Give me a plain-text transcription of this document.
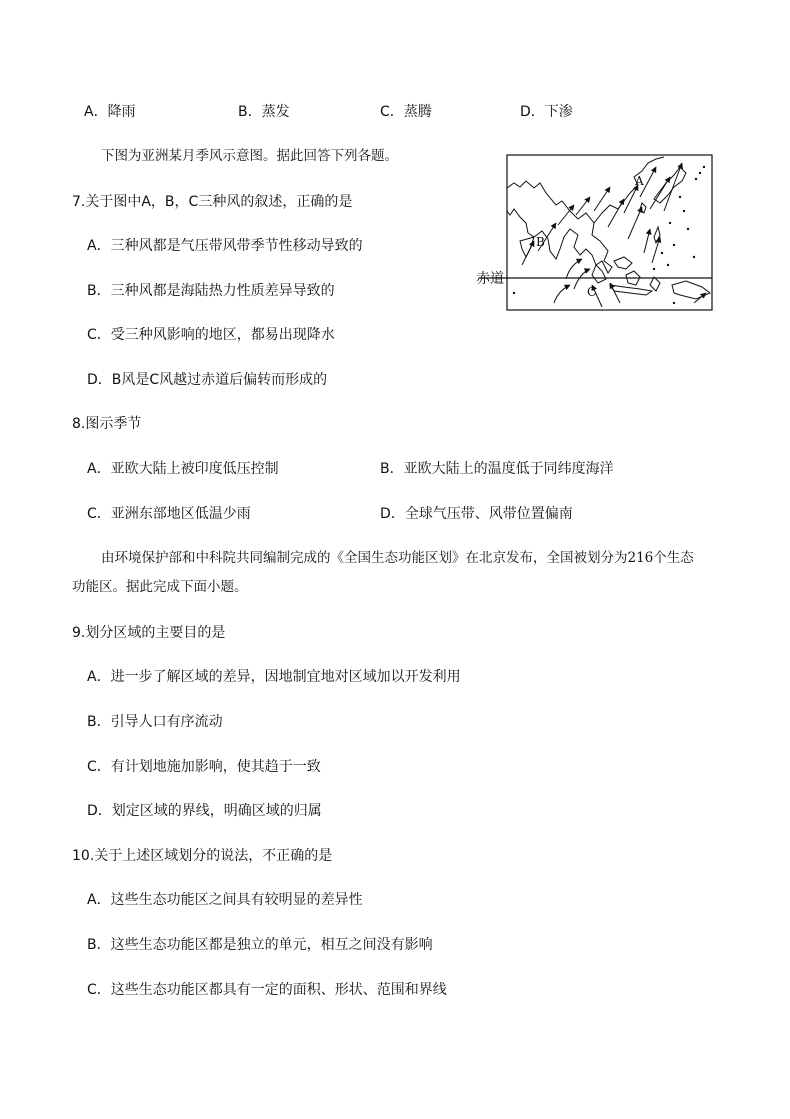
A．降雨	B．蒸发	C．蒸腾	D．下渗
下图为亚洲某月季风示意图。据此回答下列各题。
A
B
C
赤道
7.关于图中A，B，C三种风的叙述，正确的是
A．三种风都是气压带风带季节性移动导致的
B．三种风都是海陆热力性质差异导致的
C．受三种风影响的地区，都易出现降水
D．B风是C风越过赤道后偏转而形成的
8.图示季节
A．亚欧大陆上被印度低压控制	B．亚欧大陆上的温度低于同纬度海洋
C．亚洲东部地区低温少雨	D．全球气压带、风带位置偏南
由环境保护部和中科院共同编制完成的《全国生态功能区划》在北京发布，全国被划分为216个生态
功能区。据此完成下面小题。
9.划分区域的主要目的是
A．进一步了解区域的差异，因地制宜地对区域加以开发利用
B．引导人口有序流动
C．有计划地施加影响，使其趋于一致
D．划定区域的界线，明确区域的归属
10.关于上述区域划分的说法，不正确的是
A．这些生态功能区之间具有较明显的差异性
B．这些生态功能区都是独立的单元，相互之间没有影响
C．这些生态功能区都具有一定的面积、形状、范围和界线
